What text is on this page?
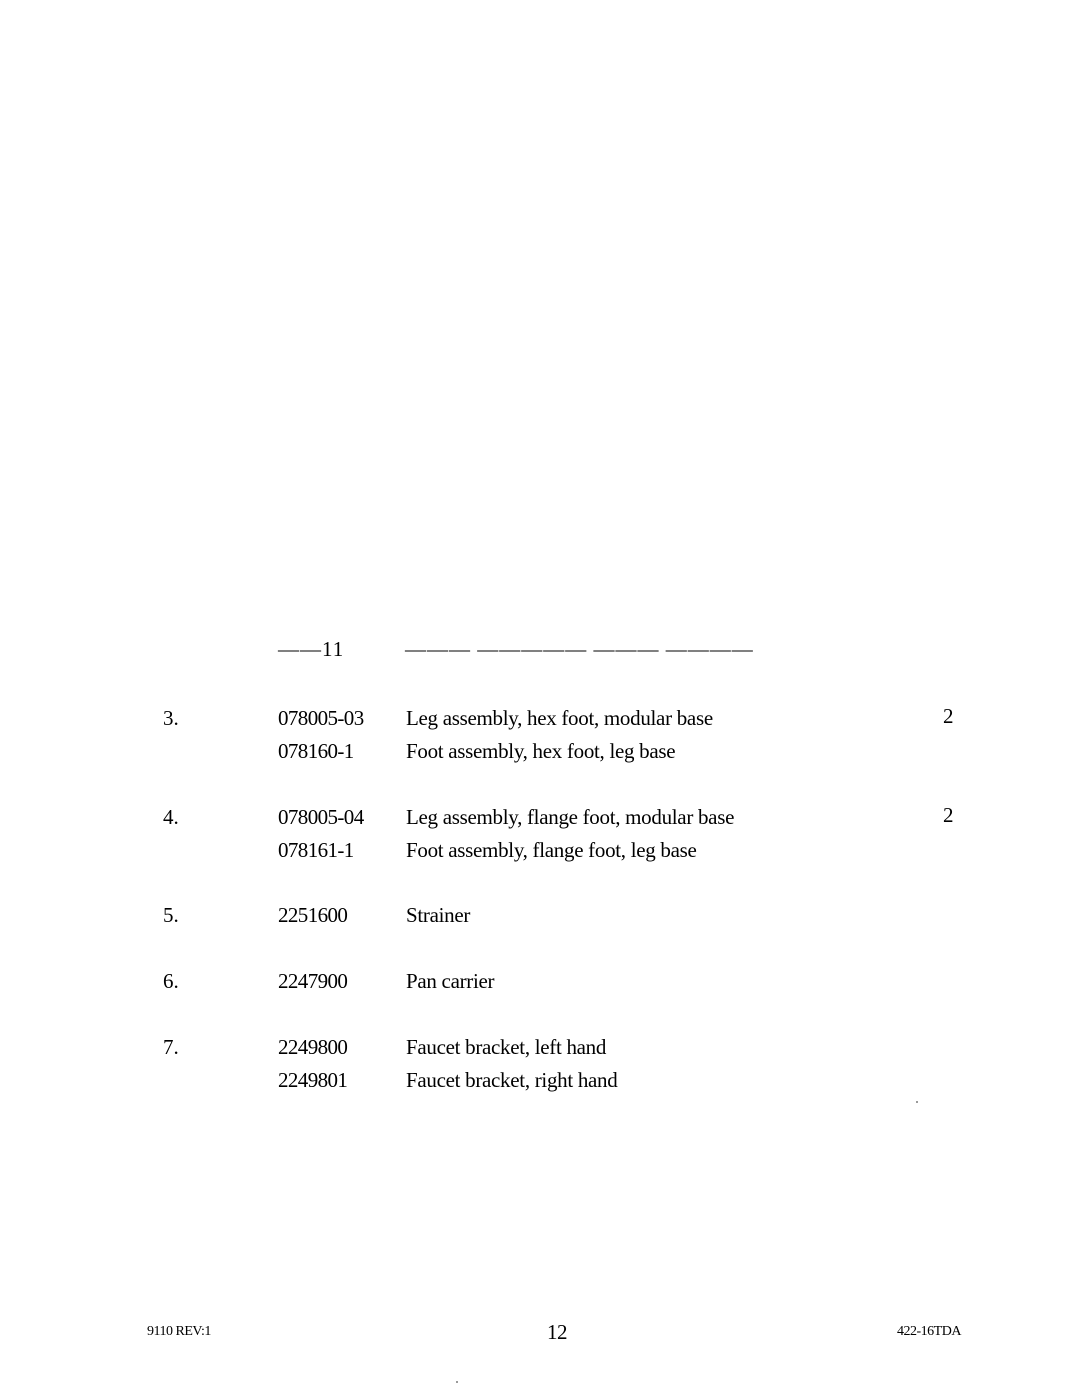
——11	——— ————— ——— ————
3.	078005-03 Leg assembly, hex foot, modular base	2
078160-1 Foot assembly, hex foot, leg base
4.	078005-04 Leg assembly, flange foot, modular base	2
078161-1 Foot assembly, flange foot, leg base
5.	2251600	Strainer
6.	2247900	Pan carrier
7.	2249800	Faucet bracket, left hand
2249801	Faucet bracket, right hand
9110 REV:1	12	422-16TDA
